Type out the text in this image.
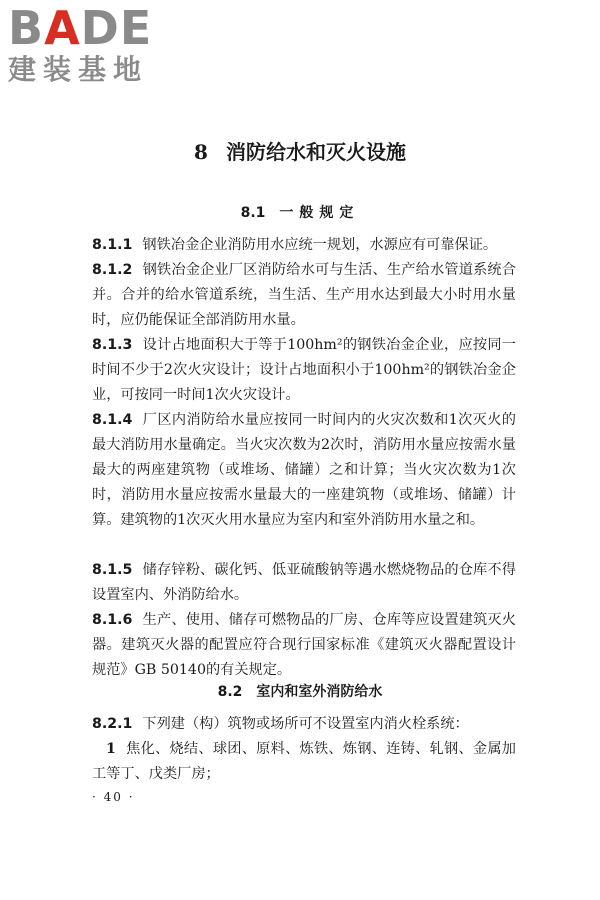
B A DE
建装基地
8 消防给水和灭火设施
8.1 一般规定
8.1.1 钢铁冶金企业消防用水应统一规划，水源应有可靠保证。
8.1.2 钢铁冶金企业厂区消防给水可与生活、生产给水管道系统合并。合并的给水管道系统，当生活、生产用水达到最大小时用水量时，应仍能保证全部消防用水量。
8.1.3 设计占地面积大于等于100hm²的钢铁冶金企业，应按同一时间不少于2次火灾设计；设计占地面积小于100hm²的钢铁冶金企业，可按同一时间1次火灾设计。
8.1.4 厂区内消防给水量应按同一时间内的火灾次数和1次灭火的最大消防用水量确定。当火灾次数为2次时，消防用水量应按需水量最大的两座建筑物（或堆场、储罐）之和计算；当火灾次数为1次时，消防用水量应按需水量最大的一座建筑物（或堆场、储罐）计算。建筑物的1次灭火用水量应为室内和室外消防用水量之和。
8.1.5 储存锌粉、碳化钙、低亚硫酸钠等遇水燃烧物品的仓库不得设置室内、外消防给水。
8.1.6 生产、使用、储存可燃物品的厂房、仓库等应设置建筑灭火器。建筑灭火器的配置应符合现行国家标准《建筑灭火器配置设计规范》GB 50140的有关规定。
8.2 室内和室外消防给水
8.2.1 下列建（构）筑物或场所可不设置室内消火栓系统：
1 焦化、烧结、球团、原料、炼铁、炼钢、连铸、轧钢、金属加工等丁、戊类厂房；
· 40 ·
